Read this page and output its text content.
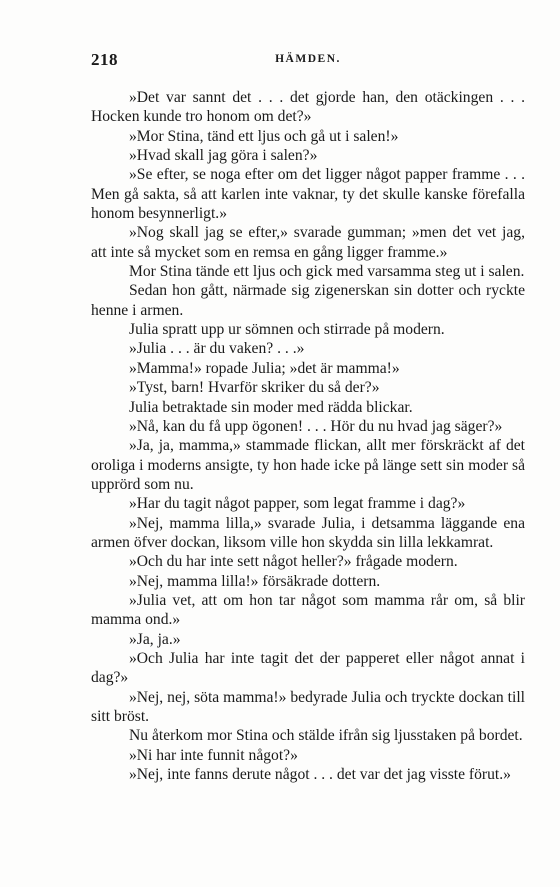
218	HÄMDEN.

»Det var sannt det . . . det gjorde han, den otäckingen . . . Hocken kunde tro honom om det?»

»Mor Stina, tänd ett ljus och gå ut i salen!»

»Hvad skall jag göra i salen?»

»Se efter, se noga efter om det ligger något papper framme . . . Men gå sakta, så att karlen inte vaknar, ty det skulle kanske förefalla honom besynnerligt.»

»Nog skall jag se efter,» svarade gumman; »men det vet jag, att inte så mycket som en remsa en gång ligger framme.»

Mor Stina tände ett ljus och gick med varsamma steg ut i salen.

Sedan hon gått, närmade sig zigenerskan sin dotter och ryckte henne i armen.

Julia spratt upp ur sömnen och stirrade på modern.

»Julia . . . är du vaken? . . .»

»Mamma!» ropade Julia; »det är mamma!»

»Tyst, barn! Hvarför skriker du så der?»

Julia betraktade sin moder med rädda blickar.

»Nå, kan du få upp ögonen! . . . Hör du nu hvad jag säger?»

»Ja, ja, mamma,» stammade flickan, allt mer förskräckt af det oroliga i moderns ansigte, ty hon hade icke på länge sett sin moder så upprörd som nu.

»Har du tagit något papper, som legat framme i dag?»

»Nej, mamma lilla,» svarade Julia, i detsamma läggande ena armen öfver dockan, liksom ville hon skydda sin lilla lekkamrat.

»Och du har inte sett något heller?» frågade modern.

»Nej, mamma lilla!» försäkrade dottern.

»Julia vet, att om hon tar något som mamma rår om, så blir mamma ond.»

»Ja, ja.»

»Och Julia har inte tagit det der papperet eller något annat i dag?»

»Nej, nej, söta mamma!» bedyrade Julia och tryckte dockan till sitt bröst.

Nu återkom mor Stina och stälde ifrån sig ljusstaken på bordet.

»Ni har inte funnit något?»

»Nej, inte fanns derute något . . . det var det jag visste förut.»
